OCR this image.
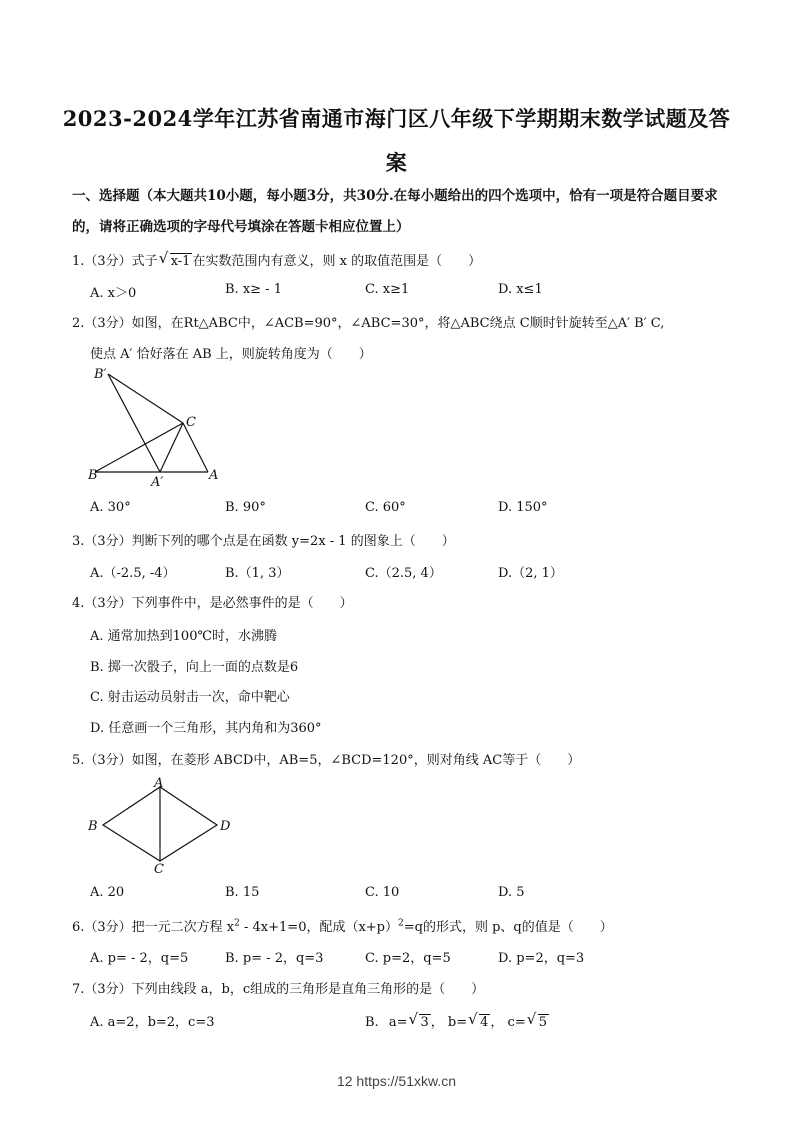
2023-2024学年江苏省南通市海门区八年级下学期期末数学试题及答
案
一、选择题（本大题共10小题，每小题3分，共30分.在每小题给出的四个选项中，恰有一项是符合题目要求的，请将正确选项的字母代号填涂在答题卡相应位置上）
1.（3分）式子 √ x-1 在实数范围内有意义，则 x 的取值范围是（　　）
A. x＞0	B. x≥ - 1	C. x≥1	D. x≤1
2.（3分）如图，在Rt△ABC中，∠ACB=90°，∠ABC=30°，将△ABC绕点 C顺时针旋转至△A′ B′ C,
使点 A′ 恰好落在 AB 上，则旋转角度为（　　）
B′
C
B	A′	A
A. 30°	B. 90°	C. 60°	D. 150°
3.（3分）判断下列的哪个点是在函数 y=2x - 1 的图象上（　　）
A.（-2.5, -4）	B.（1, 3）	C.（2.5, 4）	D.（2, 1）
4.（3分）下列事件中，是必然事件的是（　　）
A. 通常加热到100℃时，水沸腾
B. 掷一次骰子，向上一面的点数是6
C. 射击运动员射击一次，命中靶心
D. 任意画一个三角形，其内角和为360°
5.（3分）如图，在菱形 ABCD中，AB=5，∠BCD=120°，则对角线 AC等于（　　）
A
B
C
D
A. 20	B. 15	C. 10	D. 5
6.（3分）把一元二次方程 $x^2 - 4x+1=0$，配成$(x+p)^2=q$的形式，则 p、q的值是（　　）
A. p= - 2，q=5	B. p= - 2，q=3	C. p=2，q=5	D. p=2，q=3
7.（3分）下列由线段 a，b，c组成的三角形是直角三角形的是（　　）
A. a=2，b=2，c=3	B. a= √ 3 ， b= √ 4 ， c= √ 5
12 https://51xkw.cn
